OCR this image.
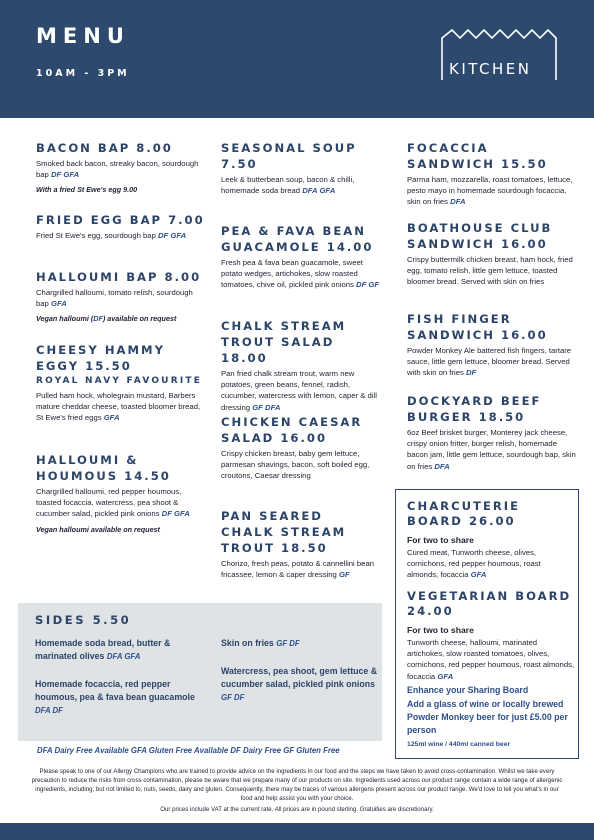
MENU
10AM - 3PM	KITCHEN
BACON BAP 8.00
Smoked back bacon, streaky bacon, sourdough bap DF GFA
With a fried St Ewe's egg 9.00
FRIED EGG BAP 7.00
Fried St Ewe's egg, sourdough bap DF GFA
HALLOUMI BAP 8.00
Chargrilled halloumi, tomato relish, sourdough bap GFA
Vegan halloumi (DF) available on request
CHEESY HAMMY
EGGY 15.50
ROYAL NAVY FAVOURITE
Pulled ham hock, wholegrain mustard, Barbers mature cheddar cheese, toasted bloomer bread, St Ewe's fried eggs GFA
HALLOUMI &
HOUMOUS 14.50
Chargrilled halloumi, red pepper houmous, toasted focaccia, watercress, pea shoot & cucumber salad, pickled pink onions DF GFA
Vegan halloumi available on request
SEASONAL SOUP
7.50
Leek & butterbean soup, bacon & chilli, homemade soda bread DFA GFA
PEA & FAVA BEAN
GUACAMOLE 14.00
Fresh pea & fava bean guacamole, sweet potato wedges, artichokes, slow roasted tomatoes, chive oil, pickled pink onions DF GF
CHALK STREAM
TROUT SALAD 18.00
Pan fried chalk stream trout, warm new potatoes, green beans, fennel, radish, cucumber, watercress with lemon, caper & dill dressing GF DFA
CHICKEN CAESAR
SALAD 16.00
Crispy chicken breast, baby gem lettuce, parmesan shavings, bacon, soft boiled egg, croutons, Caesar dressing
PAN SEARED
CHALK STREAM
TROUT 18.50
Chorizo, fresh peas, potato & cannellini bean fricassee, lemon & caper dressing GF
FOCACCIA
SANDWICH 15.50
Parma ham, mozzarella, roast tomatoes, lettuce, pesto mayo in homemade sourdough focaccia, skin on fries DFA
BOATHOUSE CLUB
SANDWICH 16.00
Crispy buttermilk chicken breast, ham hock, fried egg, tomato relish, little gem lettuce, toasted bloomer bread. Served with skin on fries
FISH FINGER
SANDWICH 16.00
Powder Monkey Ale battered fish fingers, tartare sauce, little gem lettuce, bloomer bread. Served with skin on fries DF
DOCKYARD BEEF
BURGER 18.50
6oz Beef brisket burger, Monterey jack cheese, crispy onion fritter, burger relish, homemade bacon jam, little gem lettuce, sourdough bap, skin on fries DFA
CHARCUTERIE
BOARD 26.00
For two to share
Cured meat, Tunworth cheese, olives, cornichons, red pepper houmous, roast almonds, focaccia GFA
VEGETARIAN BOARD
24.00
For two to share
Tunworth cheese, halloumi, marinated artichokes, slow roasted tomatoes, olives, cornichons, red pepper houmous, roast almonds, focaccia GFA
Enhance your Sharing Board
Add a glass of wine or locally brewed Powder Monkey beer for just £5.00 per person
125ml wine / 440ml canned beer
SIDES 5.50
Homemade soda bread, butter & marinated olives DFA GFA
Homemade focaccia, red pepper houmous, pea & fava bean guacamole DFA DF
Skin on fries GF DF
Watercress, pea shoot, gem lettuce & cucumber salad, pickled pink onions GF DF
DFA Dairy Free Available GFA Gluten Free Available DF Dairy Free GF Gluten Free
Please speak to one of our Allergy Champions who are trained to provide advice on the ingredients in our food and the steps we have taken to avoid cross-contamination. Whilst we take every precaution to reduce the risks from cross contamination, please be aware that we prepare many of our products on site. Ingredients used across our product range contain a wide range of allergenic ingredients, including, but not limited to, nuts, seeds, dairy and gluten. Consequently, there may be traces of various allergens present across our product range. We'd love to tell you what's in our food and help assist you with your choice.
Our prices include VAT at the current rate. All prices are in pound sterling. Gratuities are discretionary.
